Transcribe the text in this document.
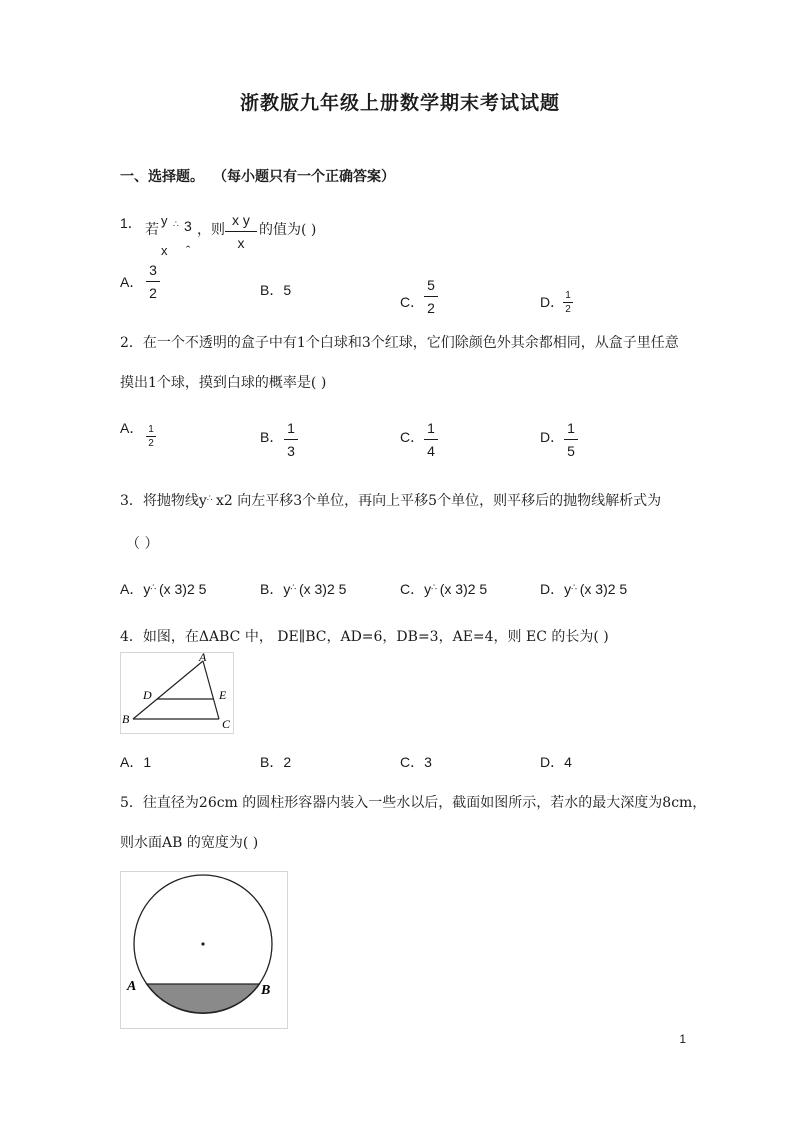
浙教版九年级上册数学期末考试试题
一、选择题。 （每小题只有一个正确答案）
1． 若
y ∴ 3
x ˆ
，则
x y
x
的值为( )
A．
3
2	B．5
C．
5
2	D． 1
2
2．在一个不透明的盒子中有1个白球和3个红球，它们除颜色外其余都相同，从盒子里任意
摸出1个球，摸到白球的概率是( )
A． 1
2	B．
1
3
C．
1
4
D．
1
5
3．将抛物线y∴ x2 向左平移3个单位，再向上平移5个单位，则平移后的抛物线解析式为
（ ）
A．y∴ (x 3)2 5	B．y∴ (x 3)2 5	C．y∴ (x 3)2 5	D．y∴ (x 3)2 5
4．如图，在ΔABC 中， DE∥BC，AD=6，DB=3，AE=4，则 EC 的长为( )
A
B	C
D	E
A．1	B．2	C．3	D．4
5．往直径为26cm 的圆柱形容器内装入一些水以后，截面如图所示，若水的最大深度为8cm，
则水面AB 的宽度为( )
A	B
1
